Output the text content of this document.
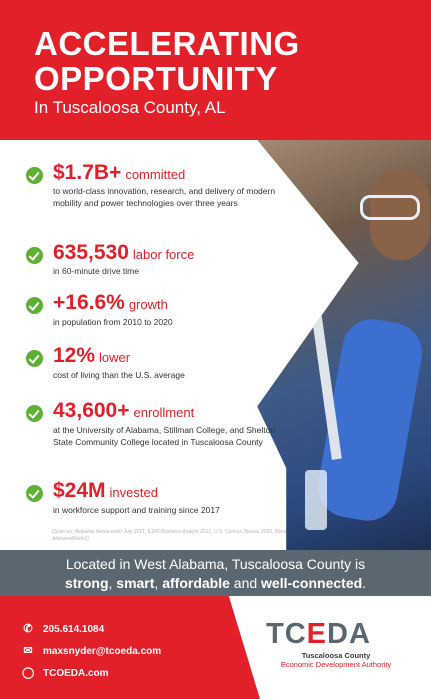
ACCELERATING
OPPORTUNITY
In Tuscaloosa County, AL
$1.7B+ committed
to world-class innovation, research, and delivery of modern mobility and power technologies over three years
635,530 labor force
in 60-minute drive time
+16.6% growth
in population from 2010 to 2020
12% lower
cost of living than the U.S. average
43,600+ enrollment
at the University of Alabama, Stillman College, and Shelton State Community College located in Tuscaloosa County
$24M invested
in workforce support and training since 2017
(Sources: Alabama Newscenter July 2021, ESRI Business Analyst 2021, U.S. Census Bureau 2020, West AlabamaWorks!)
Located in West Alabama, Tuscaloosa County is
strong, smart, affordable and well-connected.
✆ 205.614.1084
✉ maxsnyder@tcoeda.com
◯ TCOEDA.com
TCEDA
Tuscaloosa County
Economic Development Authority
